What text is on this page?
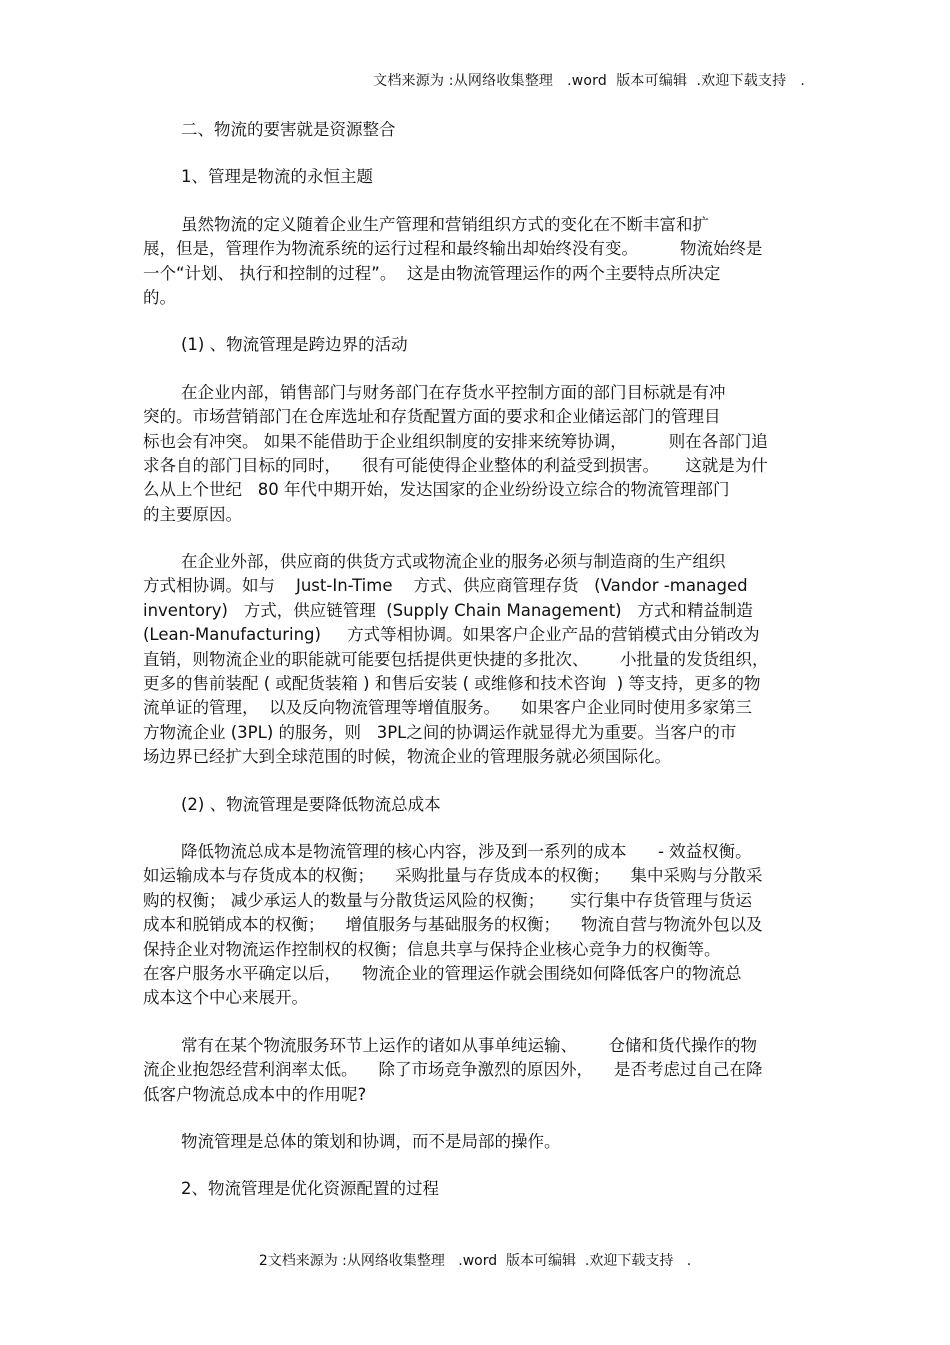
文档来源为 :从网络收集整理   .word  版本可编辑  .欢迎下载支持   .
二、物流的要害就是资源整合
1、管理是物流的永恒主题
虽然物流的定义随着企业生产管理和营销组织方式的变化在不断丰富和扩
展，但是，管理作为物流系统的运行过程和最终输出却始终没有变。        物流始终是
一个“计划、 执行和控制的过程”。  这是由物流管理运作的两个主要特点所决定
的。
(1) 、物流管理是跨边界的活动
在企业内部，销售部门与财务部门在存货水平控制方面的部门目标就是有冲
突的。市场营销部门在仓库选址和存货配置方面的要求和企业储运部门的管理目
标也会有冲突。 如果不能借助于企业组织制度的安排来统筹协调，        则在各部门追
求各自的部门目标的同时，    很有可能使得企业整体的利益受到损害。     这就是为什
么从上个世纪   80 年代中期开始，发达国家的企业纷纷设立综合的物流管理部门
的主要原因。
在企业外部，供应商的供货方式或物流企业的服务必须与制造商的生产组织
方式相协调。如与    Just-In-Time    方式、供应商管理存货   (Vandor -managed
inventory)   方式，供应链管理  (Supply Chain Management)   方式和精益制造
(Lean-Manufacturing)     方式等相协调。如果客户企业产品的营销模式由分销改为
直销，则物流企业的职能就可能要包括提供更快捷的多批次、      小批量的发货组织，
更多的售前装配 ( 或配货装箱 ) 和售后安装 ( 或维修和技术咨询  ) 等支持，更多的物
流单证的管理，  以及反向物流管理等增值服务。    如果客户企业同时使用多家第三
方物流企业 (3PL) 的服务，则   3PL之间的协调运作就显得尤为重要。当客户的市
场边界已经扩大到全球范围的时候，物流企业的管理服务就必须国际化。
(2) 、物流管理是要降低物流总成本
降低物流总成本是物流管理的核心内容，涉及到一系列的成本      - 效益权衡。
如运输成本与存货成本的权衡；    采购批量与存货成本的权衡；    集中采购与分散采
购的权衡； 减少承运人的数量与分散货运风险的权衡；     实行集中存货管理与货运
成本和脱销成本的权衡；    增值服务与基础服务的权衡；    物流自营与物流外包以及
保持企业对物流运作控制权的权衡；信息共享与保持企业核心竞争力的权衡等。
在客户服务水平确定以后，    物流企业的管理运作就会围绕如何降低客户的物流总
成本这个中心来展开。
常有在某个物流服务环节上运作的诸如从事单纯运输、      仓储和货代操作的物
流企业抱怨经营利润率太低。    除了市场竞争激烈的原因外，    是否考虑过自己在降
低客户物流总成本中的作用呢?
物流管理是总体的策划和协调，而不是局部的操作。
2、物流管理是优化资源配置的过程
2文档来源为 :从网络收集整理   .word  版本可编辑  .欢迎下载支持   .
